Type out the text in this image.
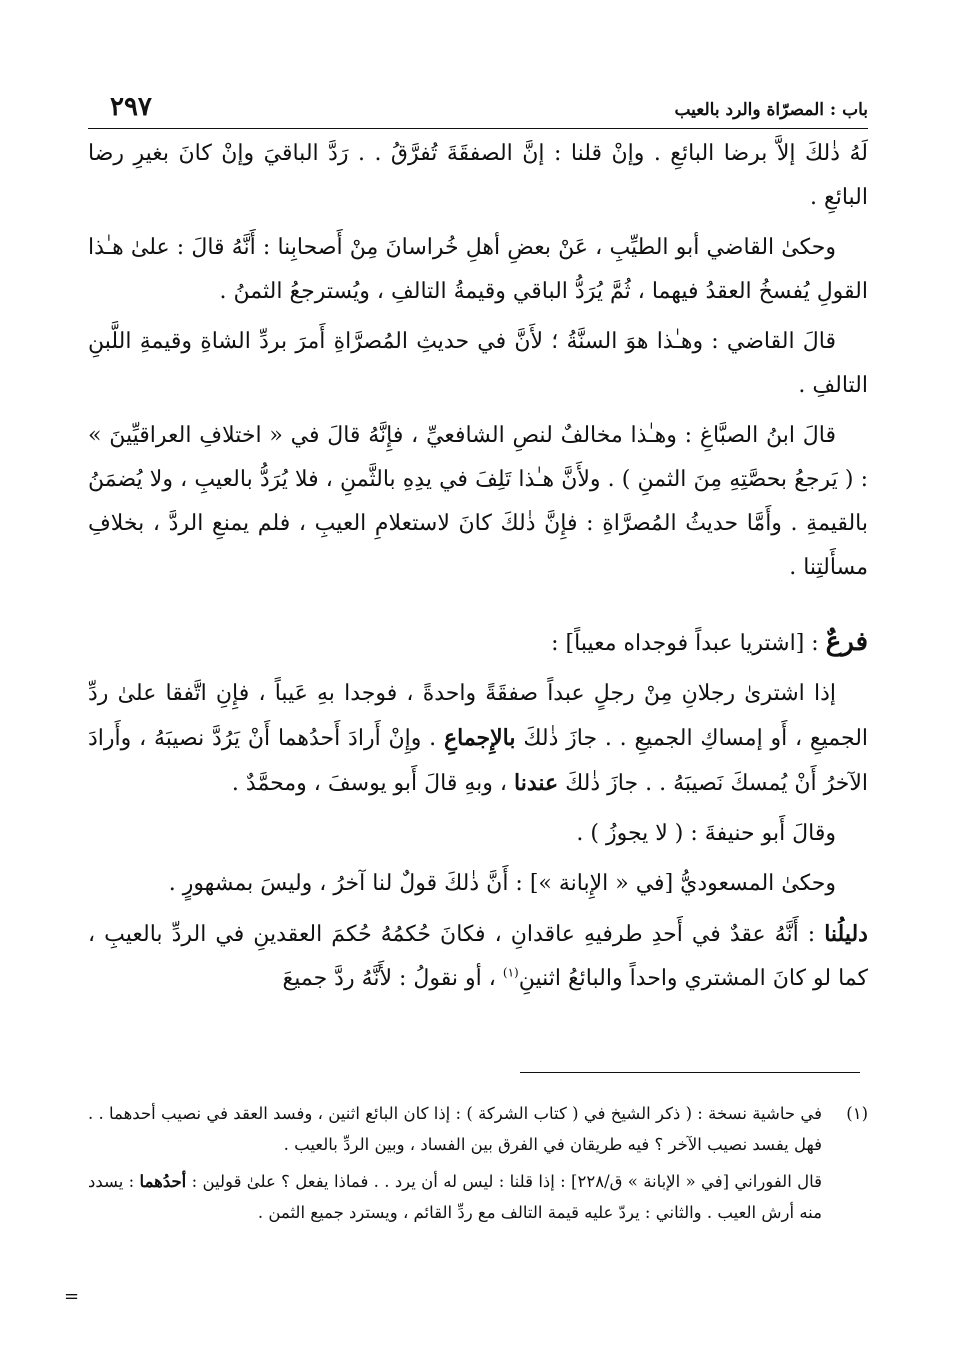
٢٩٧	باب : المصرّاة والرد بالعيب

لَهُ ذٰلكَ إلاَّ برضا البائعِ . وإنْ قلنا : إنَّ الصفقَةَ تُفرَّقُ . . رَدَّ الباقيَ وإنْ كانَ بغيرِ رضا البائعِ .

وحكىٰ القاضي أبو الطيِّبِ ، عَنْ بعضِ أهلِ خُراسانَ مِنْ أَصحابِنا : أَنَّهُ قالَ : علىٰ هـٰذا القولِ يُفسخُ العقدُ فيهما ، ثُمَّ يُرَدُّ الباقي وقيمةُ التالفِ ، ويُسترجعُ الثمنُ .

قالَ القاضي : وهـٰذا هوَ السنَّةُ ؛ لأَنَّ في حديثِ المُصرَّاةِ أَمرَ بردِّ الشاةِ وقيمةِ اللَّبنِ التالفِ .

قالَ ابنُ الصبَّاغِ : وهـٰذا مخالفٌ لنصِ الشافعيِّ ، فإِنَّهُ قالَ في « اختلافِ العراقيِّينَ » : ( يَرجعُ بحصَّتِهِ مِنَ الثمنِ ) . ولأَنَّ هـٰذا تَلِفَ في يدِهِ بالثَّمنِ ، فلا يُرَدُّ بالعيبِ ، ولا يُضمَنُ بالقيمةِ . وأَمَّا حديثُ المُصرَّاةِ : فإِنَّ ذٰلكَ كانَ لاستعلامِ العيبِ ، فلم يمنعِ الردَّ ، بخلافِ مسأَلتِنا .

فرعٌ : [اشتريا عبداً فوجداه معيباً] :

إذا اشترىٰ رجلانِ مِنْ رجلٍ عبداً صفقَةً واحدةً ، فوجدا بهِ عَيباً ، فإِنِ اتَّفقا علىٰ ردِّ الجميعِ ، أَو إمساكِ الجميعِ . . جازَ ذٰلكَ بالإِجماعِ . وإِنْ أَرادَ أَحدُهما أَنْ يَرُدَّ نصيبَهُ ، وأَرادَ الآخرُ أَنْ يُمسكَ نَصيبَهُ . . جازَ ذٰلكَ عندنا ، وبهِ قالَ أَبو يوسفَ ، ومحمَّدٌ .

وقالَ أَبو حنيفةَ : ( لا يجوزُ ) .

وحكىٰ المسعوديُّ [في « الإِبانة »] : أَنَّ ذٰلكَ قولٌ لنا آخرُ ، وليسَ بمشهورٍ .

دليلُنا : أَنَّهُ عقدٌ في أَحدِ طرفيهِ عاقدانِ ، فكانَ حُكمُهُ حُكمَ العقدينِ في الردِّ بالعيبِ ، كما لو كانَ المشتري واحداً والبائعُ اثنينِ$^{(١)}$ ، أو نقولُ : لأَنَّهُ ردَّ جميعَ

(١)

في حاشية نسخة : ( ذكر الشيخ في ( كتاب الشركة ) : إذا كان البائع اثنين ، وفسد العقد في نصيب أحدهما . . فهل يفسد نصيب الآخر ؟ فيه طريقان في الفرق بين الفساد ، وبين الردِّ بالعيب .

قال الفوراني [في « الإبانة » ق/٢٢٨] : إذا قلنا : ليس له أن يرد . . فماذا يفعل ؟ علىٰ قولين : أحدُهما : يسدد منه أرش العيب . والثاني : يردّ عليه قيمة التالف مع ردِّ القائم ، ويسترد جميع الثمن .

=
